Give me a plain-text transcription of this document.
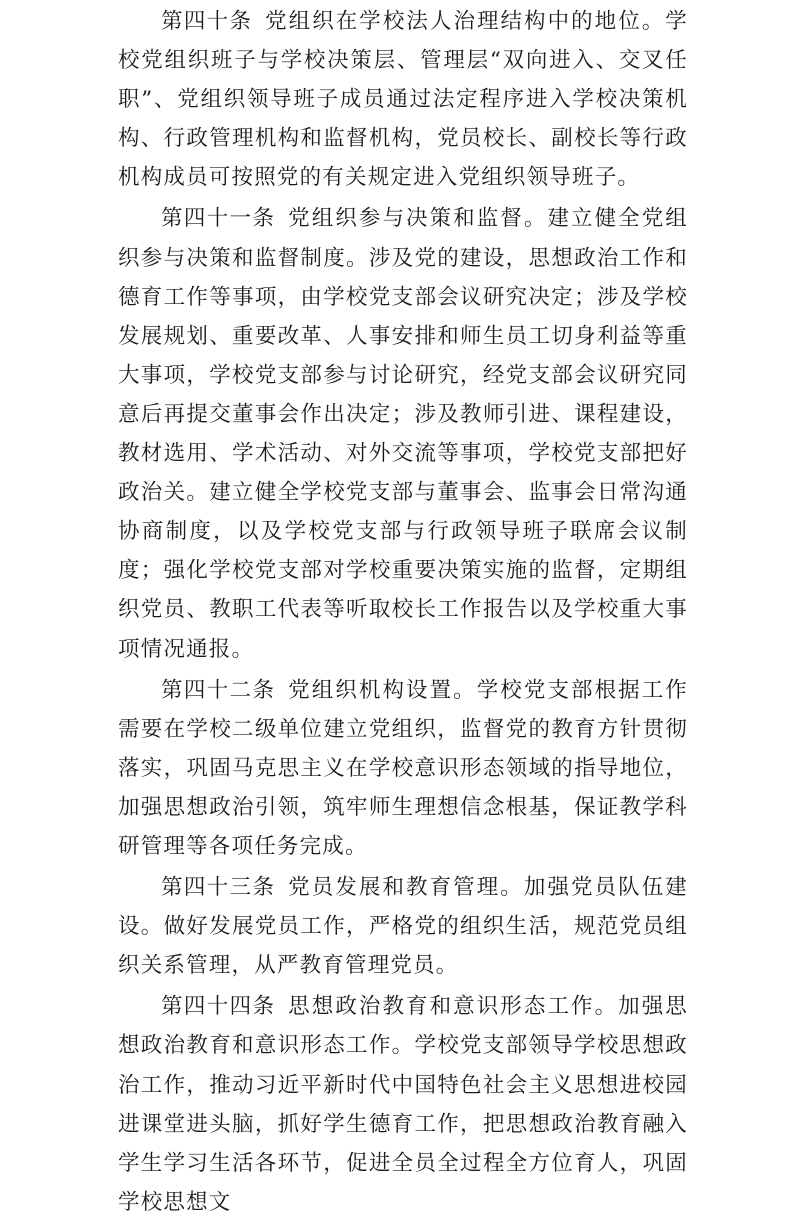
第四十条  党组织在学校法人治理结构中的地位。学校党组织班子与学校决策层、管理层“双向进入、交叉任职”、党组织领导班子成员通过法定程序进入学校决策机构、行政管理机构和监督机构，党员校长、副校长等行政机构成员可按照党的有关规定进入党组织领导班子。

第四十一条  党组织参与决策和监督。建立健全党组织参与决策和监督制度。涉及党的建设，思想政治工作和德育工作等事项，由学校党支部会议研究决定；涉及学校发展规划、重要改革、人事安排和师生员工切身利益等重大事项，学校党支部参与讨论研究，经党支部会议研究同意后再提交董事会作出决定；涉及教师引进、课程建设，教材选用、学术活动、对外交流等事项，学校党支部把好政治关。建立健全学校党支部与董事会、监事会日常沟通协商制度，以及学校党支部与行政领导班子联席会议制度；强化学校党支部对学校重要决策实施的监督，定期组织党员、教职工代表等听取校长工作报告以及学校重大事项情况通报。

第四十二条  党组织机构设置。学校党支部根据工作需要在学校二级单位建立党组织，监督党的教育方针贯彻落实，巩固马克思主义在学校意识形态领域的指导地位，加强思想政治引领，筑牢师生理想信念根基，保证教学科研管理等各项任务完成。

第四十三条  党员发展和教育管理。加强党员队伍建设。做好发展党员工作，严格党的组织生活，规范党员组织关系管理，从严教育管理党员。

第四十四条  思想政治教育和意识形态工作。加强思想政治教育和意识形态工作。学校党支部领导学校思想政治工作，推动习近平新时代中国特色社会主义思想进校园进课堂进头脑，抓好学生德育工作，把思想政治教育融入学生学习生活各环节，促进全员全过程全方位育人，巩固学校思想文
